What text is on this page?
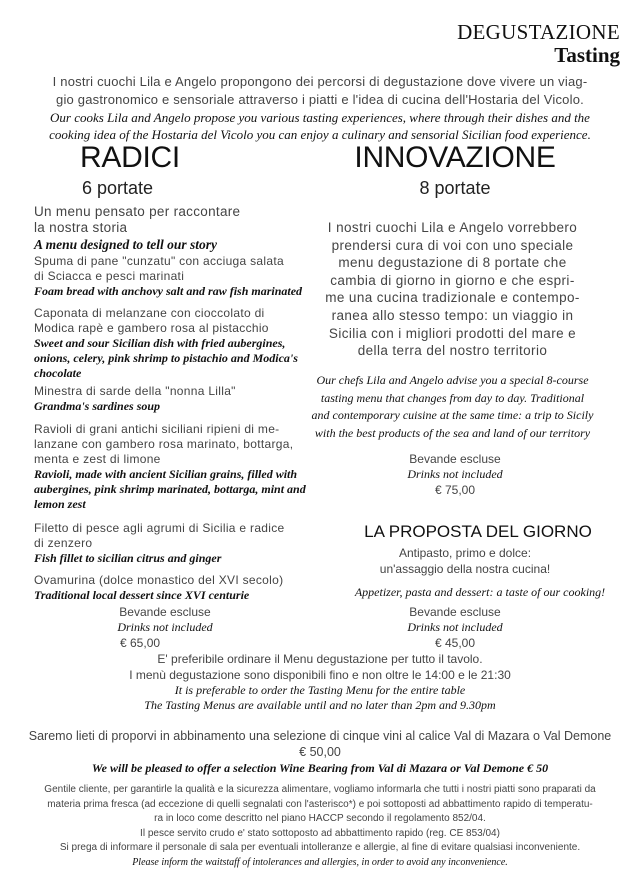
DEGUSTAZIONE
Tasting
I nostri cuochi Lila e Angelo propongono dei percorsi di degustazione dove vivere un viag-
gio gastronomico e sensoriale attraverso i piatti e l'idea di cucina dell'Hostaria del Vicolo.
Our cooks Lila and Angelo propose you various tasting experiences, where through their dishes and the
cooking idea of the Hostaria del Vicolo you can enjoy a culinary and sensorial Sicilian food experience.
RADICI
6 portate
INNOVAZIONE
8 portate
Un menu pensato per raccontare
la nostra storia
A menu designed to tell our story
Spuma di pane "cunzatu" con acciuga salata
di Sciacca e pesci marinati
Foam bread with anchovy salt and raw fish marinated
Caponata di melanzane con cioccolato di
Modica rapè e gambero rosa al pistacchio
Sweet and sour Sicilian dish with fried aubergines,
onions, celery, pink shrimp to pistachio and Modica's
chocolate
Minestra di sarde della "nonna Lilla"
Grandma's sardines soup
Ravioli di grani antichi siciliani ripieni di me-
lanzane con gambero rosa marinato, bottarga,
menta e zest di limone
Ravioli, made with ancient Sicilian grains, filled with
aubergines, pink shrimp marinated, bottarga, mint and
lemon zest
Filetto di pesce agli agrumi di Sicilia e radice
di zenzero
Fish fillet to sicilian citrus and ginger
Ovamurina (dolce monastico del XVI secolo)
Traditional local dessert since XVI centurie
Bevande escluse
Drinks not included
€ 65,00
I nostri cuochi Lila e Angelo vorrebbero
prendersi cura di voi con uno speciale
menu degustazione di 8 portate che
cambia di giorno in giorno e che espri-
me una cucina tradizionale e contempo-
ranea allo stesso tempo: un viaggio in
Sicilia con i migliori prodotti del mare e
della terra del nostro territorio
Our chefs Lila and Angelo advise you a special 8-course
tasting menu that changes from day to day. Traditional
and contemporary cuisine at the same time: a trip to Sicily
with the best products of the sea and land of our territory
Bevande escluse
Drinks not included
€ 75,00
LA PROPOSTA DEL GIORNO
Antipasto, primo e dolce:
un'assaggio della nostra cucina!
Appetizer, pasta and dessert: a taste of our cooking!
Bevande escluse
Drinks not included
€ 45,00
E' preferibile ordinare il Menu degustazione per tutto il tavolo.
I menù degustazione sono disponibili fino e non oltre le 14:00 e le 21:30
It is preferable to order the Tasting Menu for the entire table
The Tasting Menus are available until and no later than 2pm and 9.30pm
Saremo lieti di proporvi in abbinamento una selezione di cinque vini al calice Val di Mazara o Val Demone
€ 50,00
We will be pleased to offer a selection Wine Bearing from Val di Mazara or Val Demone € 50
Gentile cliente, per garantirle la qualità e la sicurezza alimentare, vogliamo informarla che tutti i nostri piatti sono praparati da
materia prima fresca (ad eccezione di quelli segnalati con l'asterisco*) e poi sottoposti ad abbattimento rapido di temperatu-
ra in loco come descritto nel piano HACCP secondo il regolamento 852/04.
Il pesce servito crudo e' stato sottoposto ad abbattimento rapido (reg. CE 853/04)
Si prega di informare il personale di sala per eventuali intolleranze e allergie, al fine di evitare qualsiasi inconveniente.
Please inform the waitstaff of intolerances and allergies, in order to avoid any inconvenience.
